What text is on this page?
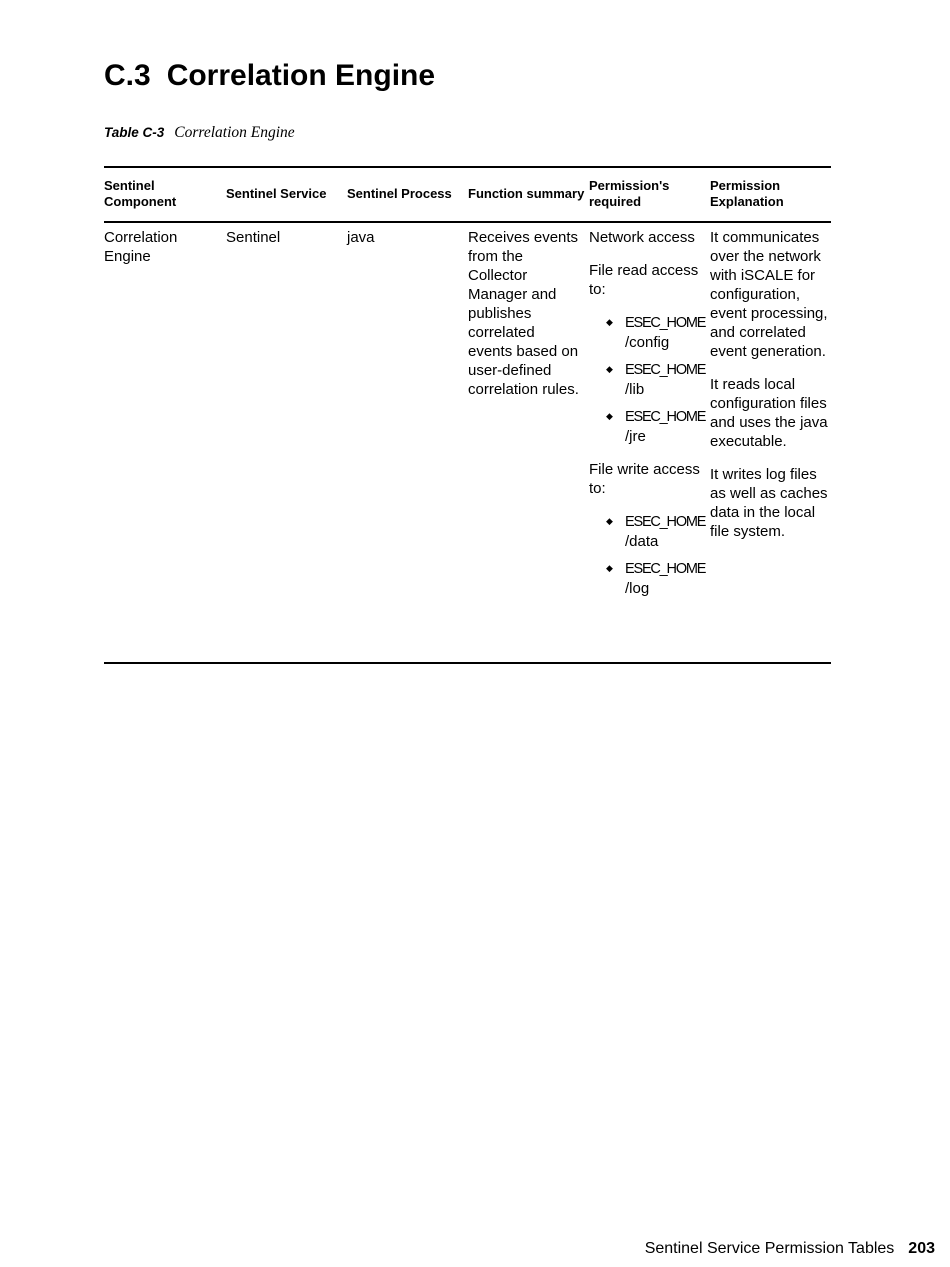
C.3 Correlation Engine
Table C-3 Correlation Engine
Sentinel Component
Sentinel Service Sentinel Process Function summary
Permission's required
Permission Explanation
Correlation Engine
Sentinel	java	Receives events from the Collector Manager and publishes correlated events based on user-defined correlation rules.

Network access

File read access to:

◆ ESEC_HOME
/config
◆ ESEC_HOME
/lib
◆ ESEC_HOME
/jre

File write access to:

◆ ESEC_HOME
/data
◆ ESEC_HOME
/log

It communicates over the network with iSCALE for configuration, event processing, and correlated event generation.

It reads local configuration files and uses the java executable.

It writes log files as well as caches data in the local file system.

Sentinel Service Permission Tables 203
